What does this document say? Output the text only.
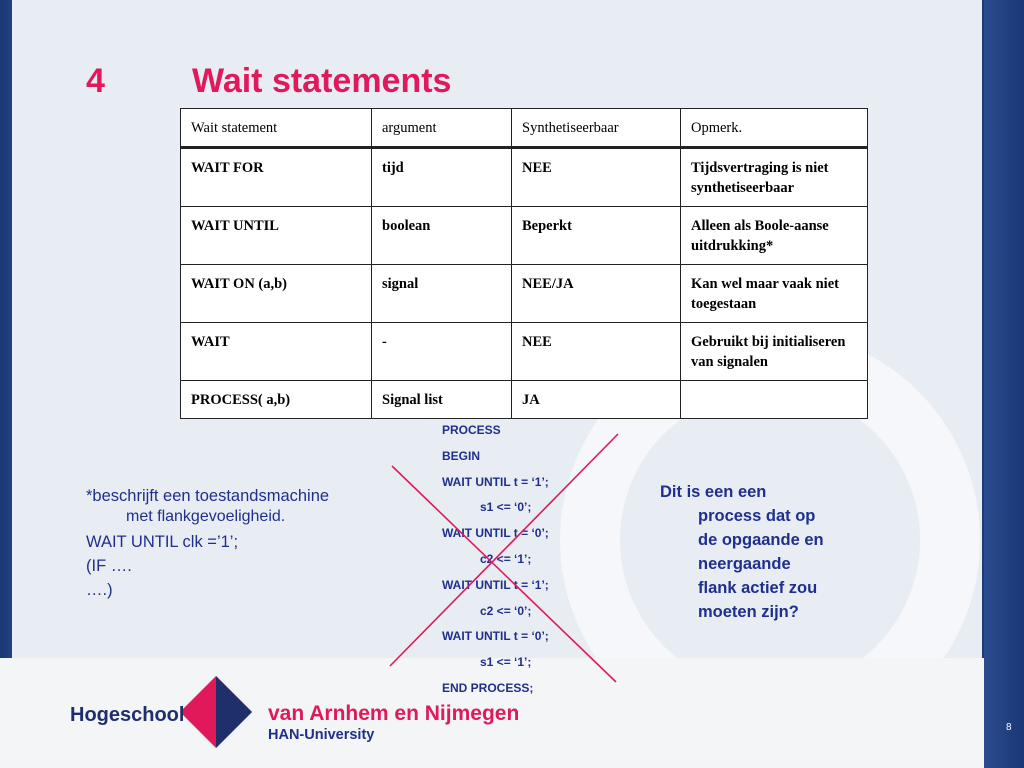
4	Wait statements
Wait statement	argument	Synthetiseerbaar	Opmerk.
WAIT FOR	tijd	NEE	Tijdsvertraging is niet synthetiseerbaar
WAIT UNTIL	boolean	Beperkt	Alleen als Boole-aanse uitdrukking*
WAIT ON (a,b)	signal	NEE/JA	Kan wel maar vaak niet toegestaan
WAIT	-	NEE	Gebruikt bij initialiseren van signalen
PROCESS( a,b)	Signal list	JA	
PROCESS
BEGIN
WAIT UNTIL t = ‘1’;
s1 <= ‘0’;
WAIT UNTIL t = ‘0’;
c2 <= ‘1’;
WAIT UNTIL t = ‘1’;
c2 <= ‘0’;
WAIT UNTIL t = ‘0’;
s1 <= ‘1’;
END PROCESS;
*beschrijft een toestandsmachine
met flankgevoeligheid.
WAIT UNTIL clk =’1’;
(IF ….
….)
Dit is een een
process dat op
de opgaande en
neergaande
flank actief zou
moeten zijn?
Hogeschool	van Arnhem en Nijmegen
HAN-University	8
